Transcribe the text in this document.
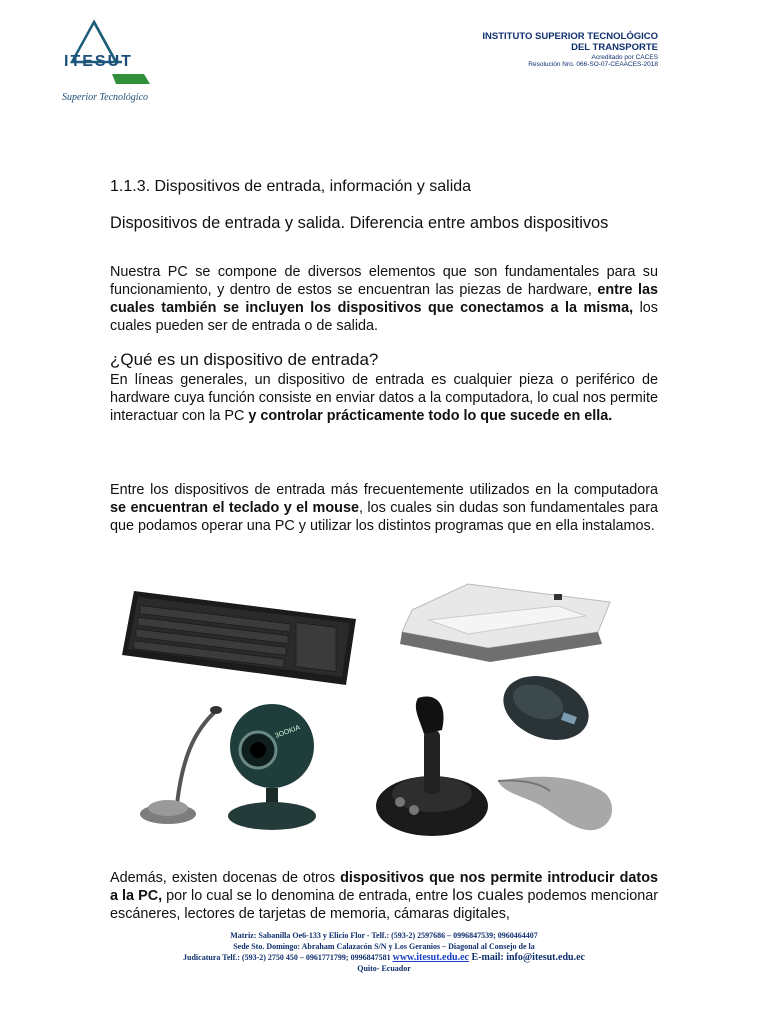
ITESUT
Superior Tecnológico
INSTITUTO SUPERIOR TECNOLÓGICO
DEL TRANSPORTE
Acreditado por CACES
Resolución Nro. 066-SO-07-CEAACES-2018
1.1.3. Dispositivos de entrada, información y salida
Dispositivos de entrada y salida. Diferencia entre ambos dispositivos
Nuestra PC se compone de diversos elementos que son fundamentales para su funcionamiento, y dentro de estos se encuentran las piezas de hardware, entre las cuales también se incluyen los dispositivos que conectamos a la misma, los cuales pueden ser de entrada o de salida.
¿Qué es un dispositivo de entrada?
En líneas generales, un dispositivo de entrada es cualquier pieza o periférico de hardware cuya función consiste en enviar datos a la computadora, lo cual nos permite interactuar con la PC y controlar prácticamente todo lo que sucede en ella.
Entre los dispositivos de entrada más frecuentemente utilizados en la computadora se encuentran el teclado y el mouse, los cuales sin dudas son fundamentales para que podamos operar una PC y utilizar los distintos programas que en ella instalamos.
3OOKIA
Además, existen docenas de otros dispositivos que nos permite introducir datos a la PC, por lo cual se lo denomina de entrada, entre los cuales podemos mencionar escáneres, lectores de tarjetas de memoria, cámaras digitales,
Matriz: Sabanilla Oe6-133 y Elicio Flor - Telf.: (593-2) 2597686 – 0996847539; 0960464407
Sede Sto. Domingo: Abraham Calazacón S/N y Los Geranios – Diagonal al Consejo de la
Judicatura Telf.: (593-2) 2750 450 – 0961771799; 0996847581 www.itesut.edu.ec E-mail: info@itesut.edu.ec
Quito- Ecuador
